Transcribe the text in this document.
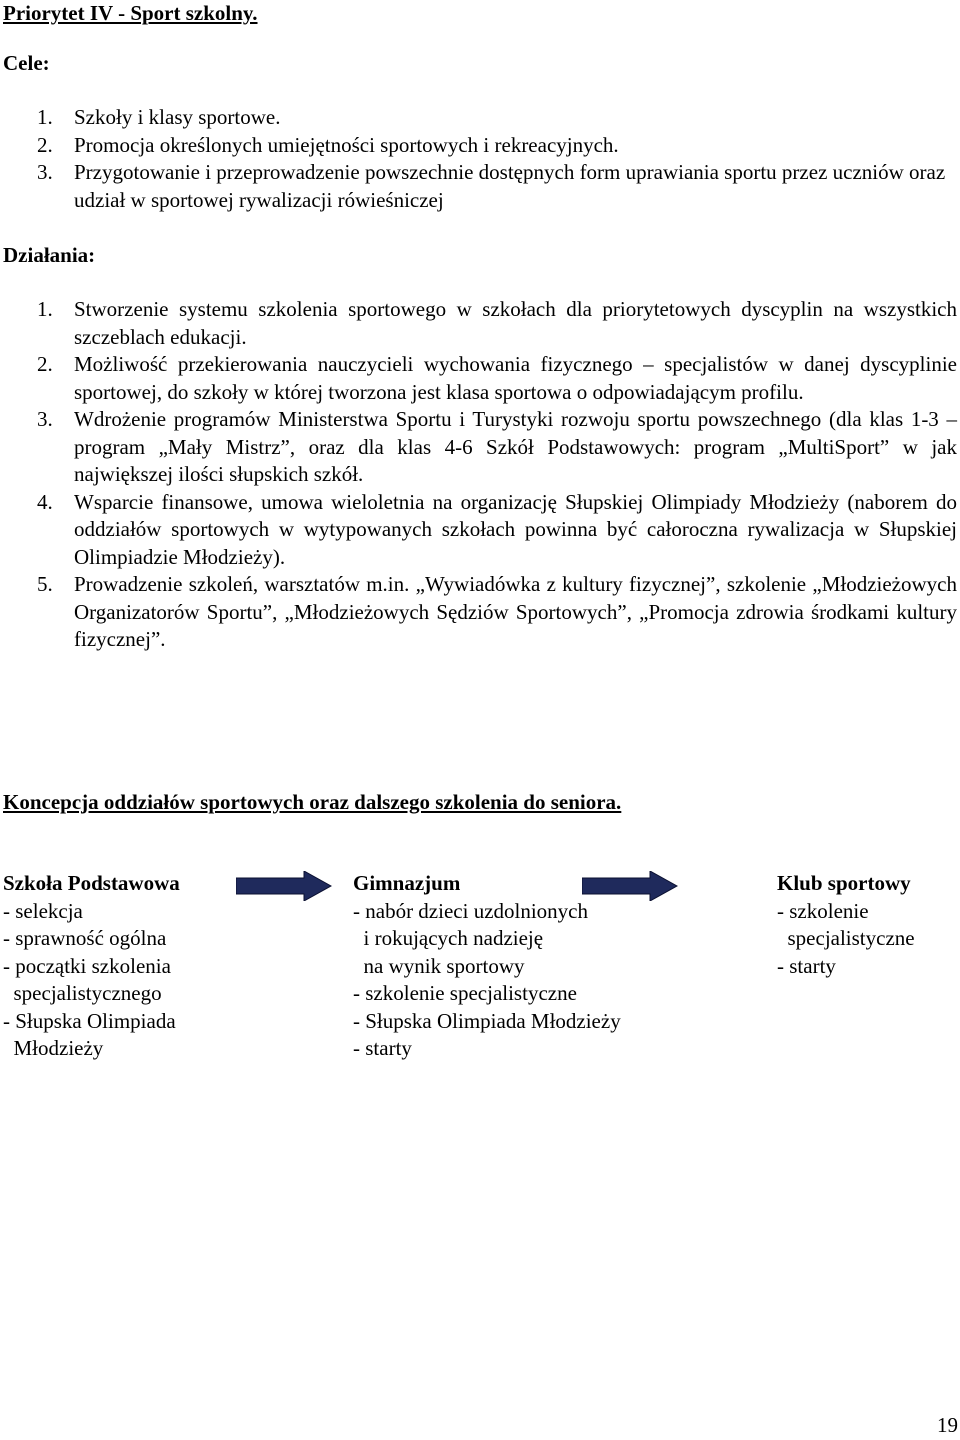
Priorytet IV - Sport szkolny.
Cele:
1. Szkoły i klasy sportowe.
2. Promocja określonych umiejętności sportowych i rekreacyjnych.
3. Przygotowanie i przeprowadzenie powszechnie dostępnych form uprawiania sportu przez uczniów oraz udział w sportowej rywalizacji rówieśniczej
Działania:
1. Stworzenie systemu szkolenia sportowego w szkołach dla priorytetowych dyscyplin na wszystkich szczeblach edukacji.
2. Możliwość przekierowania nauczycieli wychowania fizycznego – specjalistów w danej dyscyplinie sportowej, do szkoły w której tworzona jest klasa sportowa o odpowiadającym profilu.
3. Wdrożenie programów Ministerstwa Sportu i Turystyki rozwoju sportu powszechnego (dla klas 1-3 – program „Mały Mistrz”, oraz dla klas 4-6 Szkół Podstawowych: program „MultiSport” w jak największej ilości słupskich szkół.
4. Wsparcie finansowe, umowa wieloletnia na organizację Słupskiej Olimpiady Młodzieży (naborem do oddziałów sportowych w wytypowanych szkołach powinna być całoroczna rywalizacja w Słupskiej Olimpiadzie Młodzieży).
5. Prowadzenie szkoleń, warsztatów m.in. „Wywiadówka z kultury fizycznej”, szkolenie „Młodzieżowych Organizatorów Sportu”, „Młodzieżowych Sędziów Sportowych”, „Promocja zdrowia środkami kultury fizycznej”.
Koncepcja oddziałów sportowych oraz dalszego szkolenia do seniora.
Szkoła Podstawowa
- selekcja
- sprawność ogólna
- początki szkolenia
specjalistycznego
- Słupska Olimpiada
Młodzieży
Gimnazjum
- nabór dzieci uzdolnionych
i rokujących nadzieję
na wynik sportowy
- szkolenie specjalistyczne
- Słupska Olimpiada Młodzieży
- starty
Klub sportowy
- szkolenie
specjalistyczne
- starty
19
